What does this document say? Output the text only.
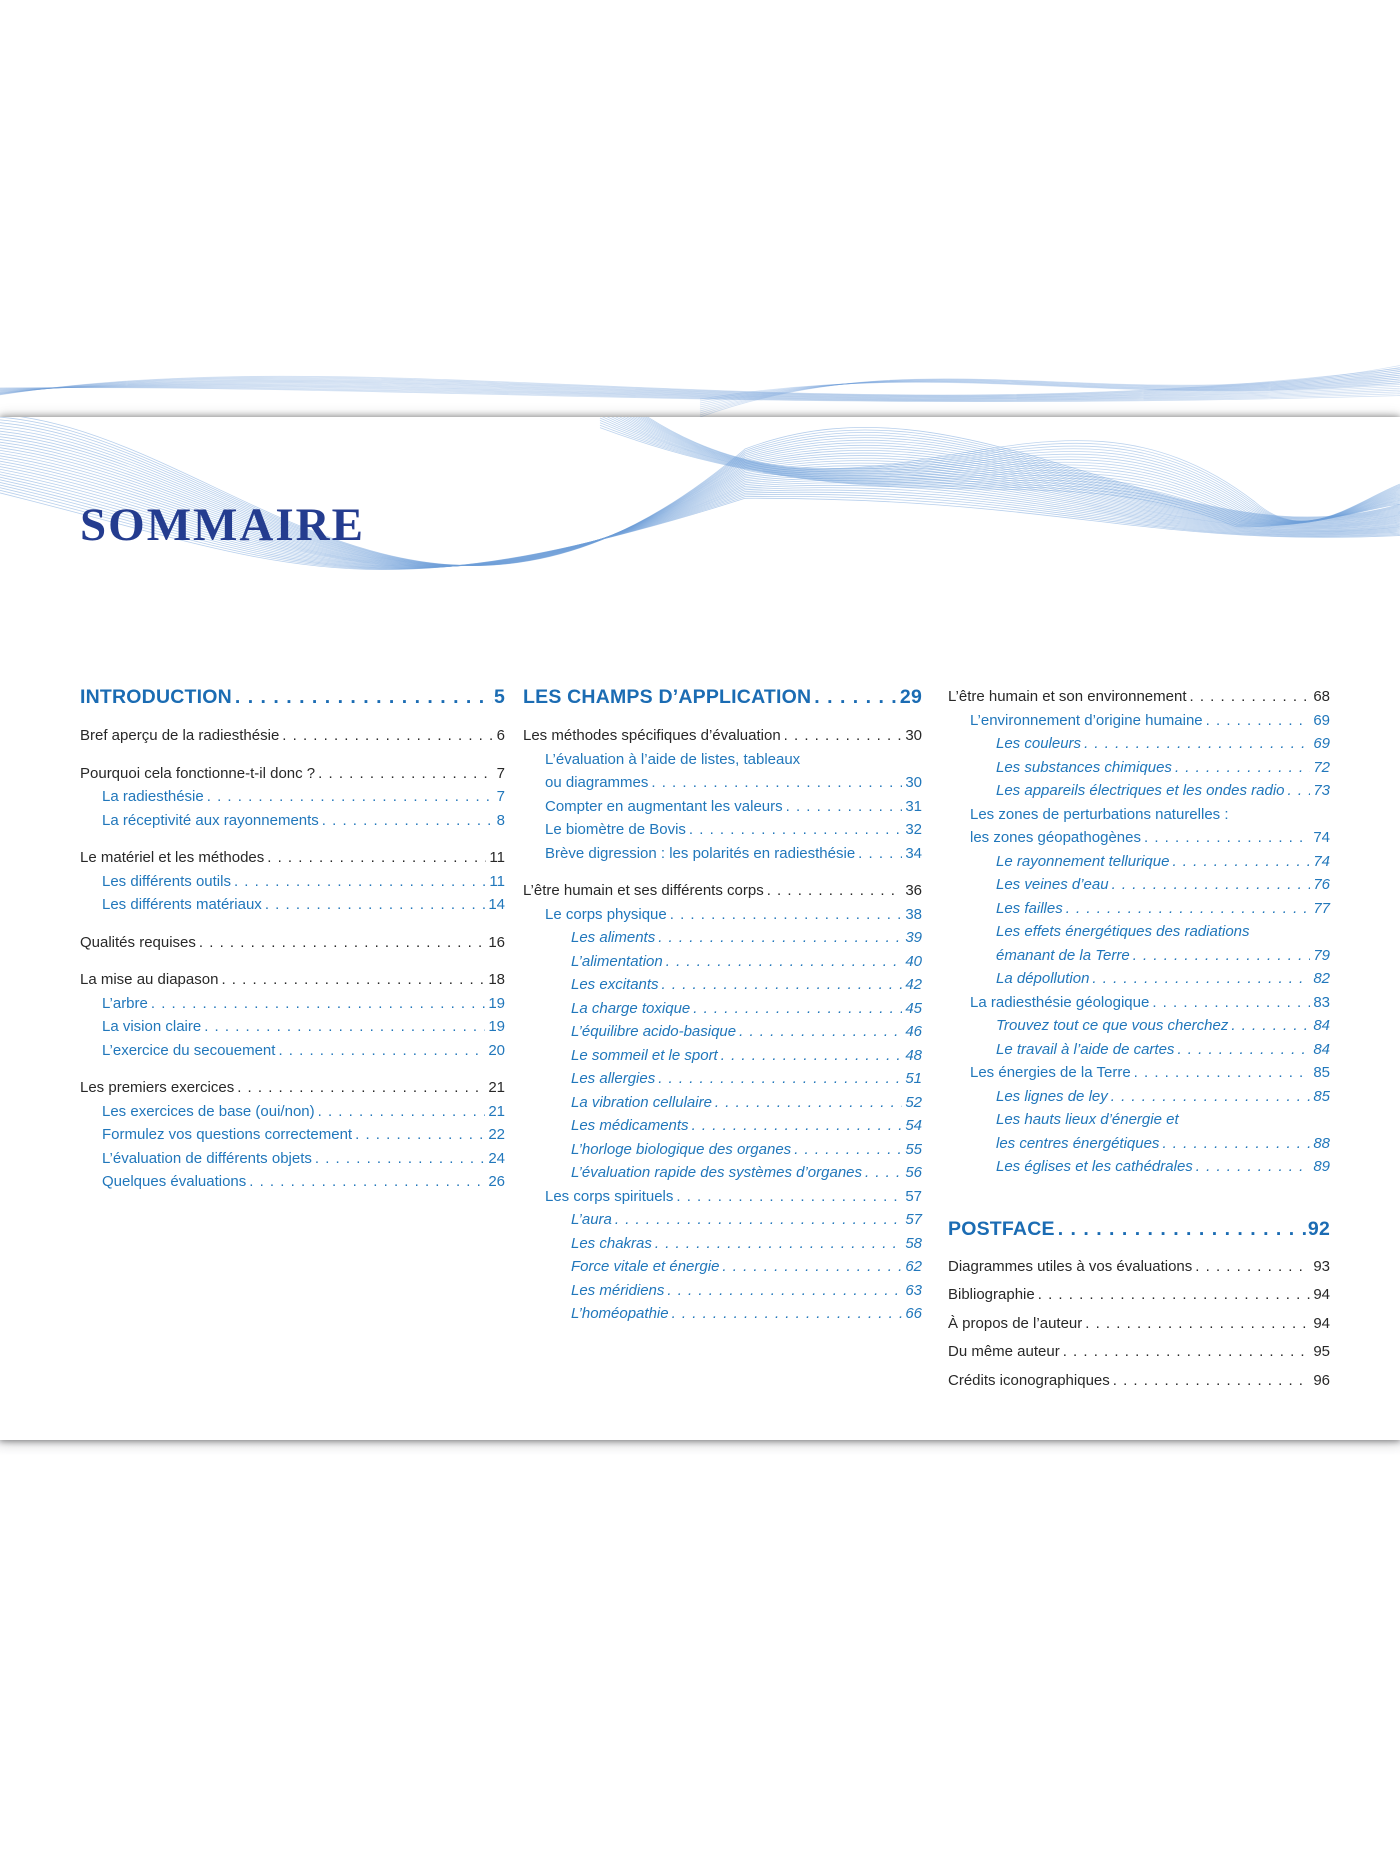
SOMMAIRE
INTRODUCTION . . .	5
Bref aperçu de la radiesthésie . . .	6
Pourquoi cela fonctionne-t-il donc ? . . .	7
La radiesthésie . . .	7
La réceptivité aux rayonnements . . .	8
Le matériel et les méthodes . . .	11
Les différents outils . . .	11
Les différents matériaux . . .	14
Qualités requises . . .	16
La mise au diapason . . .	18
L’arbre . . .	19
La vision claire . . .	19
L’exercice du secouement . . .	20
Les premiers exercices . . .	21
Les exercices de base (oui/non) . . .	21
Formulez vos questions correctement . . .	22
L’évaluation de différents objets . . .	24
Quelques évaluations . . .	26
LES CHAMPS D’APPLICATION . . .	29
Les méthodes spécifiques d’évaluation . . .	30
L’évaluation à l’aide de listes, tableaux
ou diagrammes . . .	30
Compter en augmentant les valeurs . . .	31
Le biomètre de Bovis . . .	32
Brève digression : les polarités en radiesthésie . . .	34
L’être humain et ses différents corps . . .	36
Le corps physique . . .	38
Les aliments . . .	39
L’alimentation . . .	40
Les excitants . . .	42
La charge toxique . . .	45
L’équilibre acido-basique . . .	46
Le sommeil et le sport . . .	48
Les allergies . . .	51
La vibration cellulaire . . .	52
Les médicaments . . .	54
L’horloge biologique des organes . . .	55
L’évaluation rapide des systèmes d’organes . . .	56
Les corps spirituels . . .	57
L’aura . . .	57
Les chakras . . .	58
Force vitale et énergie . . .	62
Les méridiens . . .	63
L’homéopathie . . .	66
L’être humain et son environnement . . .	68
L’environnement d’origine humaine . . .	69
Les couleurs . . .	69
Les substances chimiques . . .	72
Les appareils électriques et les ondes radio . . . 73
Les zones de perturbations naturelles :
les zones géopathogènes . . .	74
Le rayonnement tellurique . . .	74
Les veines d’eau . . .	76
Les failles . . .	77
Les effets énergétiques des radiations
émanant de la Terre . . .	79
La dépollution . . .	82
La radiesthésie géologique . . .	83
Trouvez tout ce que vous cherchez . . .	84
Le travail à l’aide de cartes . . .	84
Les énergies de la Terre . . .	85
Les lignes de ley . . .	85
Les hauts lieux d’énergie et
les centres énergétiques . . .	88
Les églises et les cathédrales . . .	89
POSTFACE . . .	92
Diagrammes utiles à vos évaluations . . .	93
Bibliographie . . .	94
À propos de l’auteur . . .	94
Du même auteur . . .	95
Crédits iconographiques . . .	96
